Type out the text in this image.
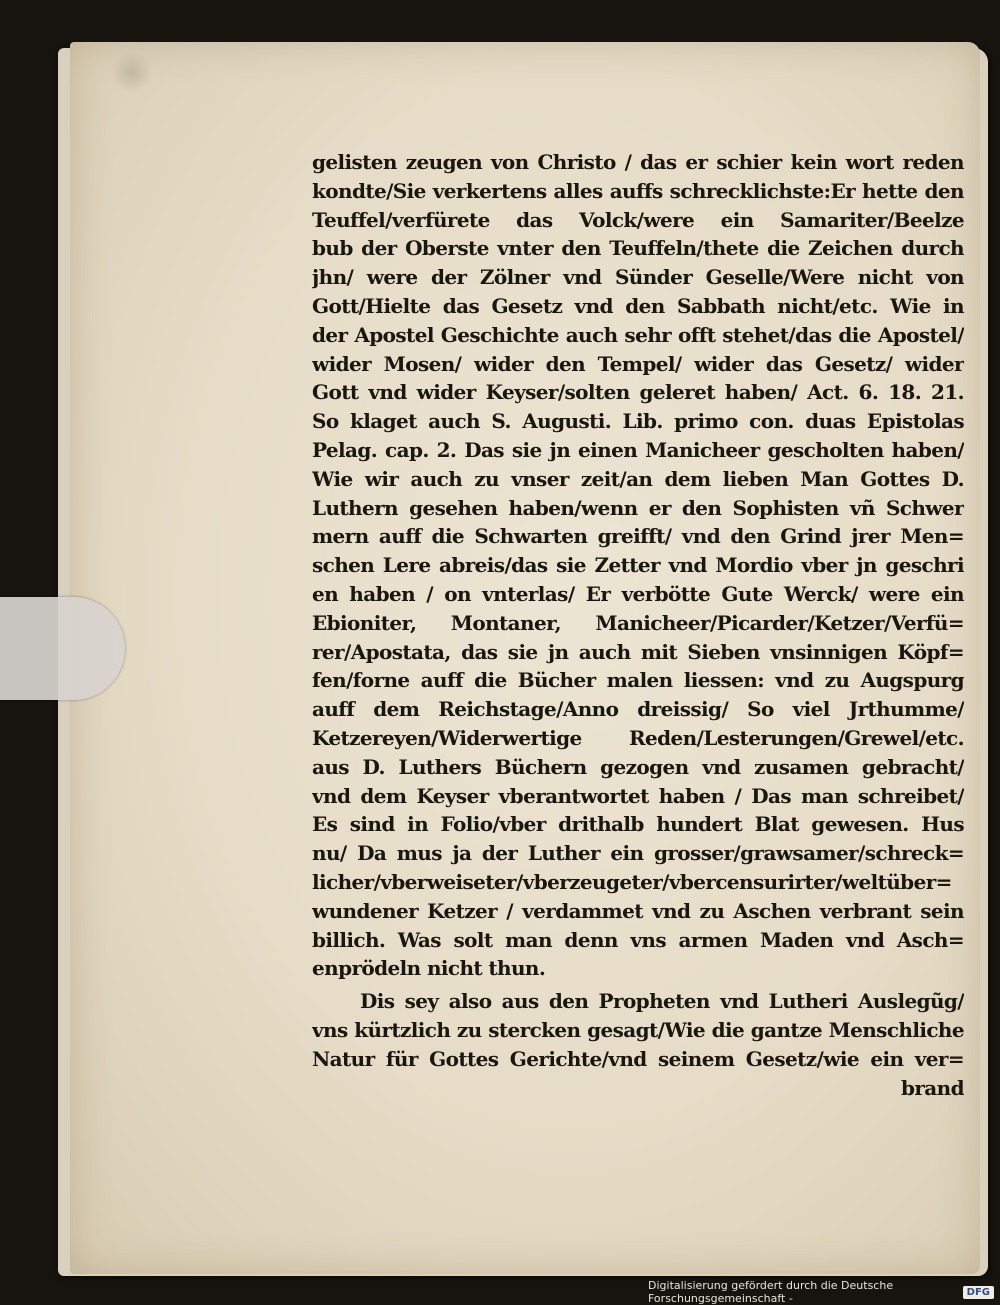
gelisten zeugen von Christo / das er schier kein wort reden
kondte/Sie verkertens alles auffs schrecklichste:Er hette den
Teuffel/verfürete das Volck/were ein Samariter/Beelze
bub der Oberste vnter den Teuffeln/thete die Zeichen durch
jhn/ were der Zölner vnd Sünder Geselle/Were nicht von
Gott/Hielte das Gesetz vnd den Sabbath nicht/etc. Wie in
der Apostel Geschichte auch sehr offt stehet/das die Apostel/
wider Mosen/ wider den Tempel/ wider das Gesetz/ wider
Gott vnd wider Keyser/solten geleret haben/ Act. 6. 18. 21.
So klaget auch S. Augusti. Lib. primo con. duas Epistolas
Pelag. cap. 2. Das sie jn einen Manicheer gescholten haben/
Wie wir auch zu vnser zeit/an dem lieben Man Gottes D.
Luthern gesehen haben/wenn er den Sophisten vñ Schwer
mern auff die Schwarten greifft/ vnd den Grind jrer Men=
schen Lere abreis/das sie Zetter vnd Mordio vber jn geschri
en haben / on vnterlas/ Er verbötte Gute Werck/ were ein
Ebioniter, Montaner, Manicheer/Picarder/Ketzer/Verfü=
rer/Apostata, das sie jn auch mit Sieben vnsinnigen Köpf=
fen/forne auff die Bücher malen liessen: vnd zu Augspurg
auff dem Reichstage/Anno dreissig/ So viel Jrthumme/
Ketzereyen/Widerwertige Reden/Lesterungen/Grewel/etc.
aus D. Luthers Büchern gezogen vnd zusamen gebracht/
vnd dem Keyser vberantwortet haben / Das man schreibet/
Es sind in Folio/vber drithalb hundert Blat gewesen. Hus
nu/ Da mus ja der Luther ein grosser/grawsamer/schreck=
licher/vberweiseter/vberzeugeter/vbercensurirter/weltüber=
wundener Ketzer / verdammet vnd zu Aschen verbrant sein
billich. Was solt man denn vns armen Maden vnd Asch=
enprödeln nicht thun.
Dis sey also aus den Propheten vnd Lutheri Auslegũg/
vns kürtzlich zu stercken gesagt/Wie die gantze Menschliche
Natur für Gottes Gerichte/vnd seinem Gesetz/wie ein ver=
brand
Digitalisierung gefördert durch die Deutsche Forschungsgemeinschaft -	DFG
